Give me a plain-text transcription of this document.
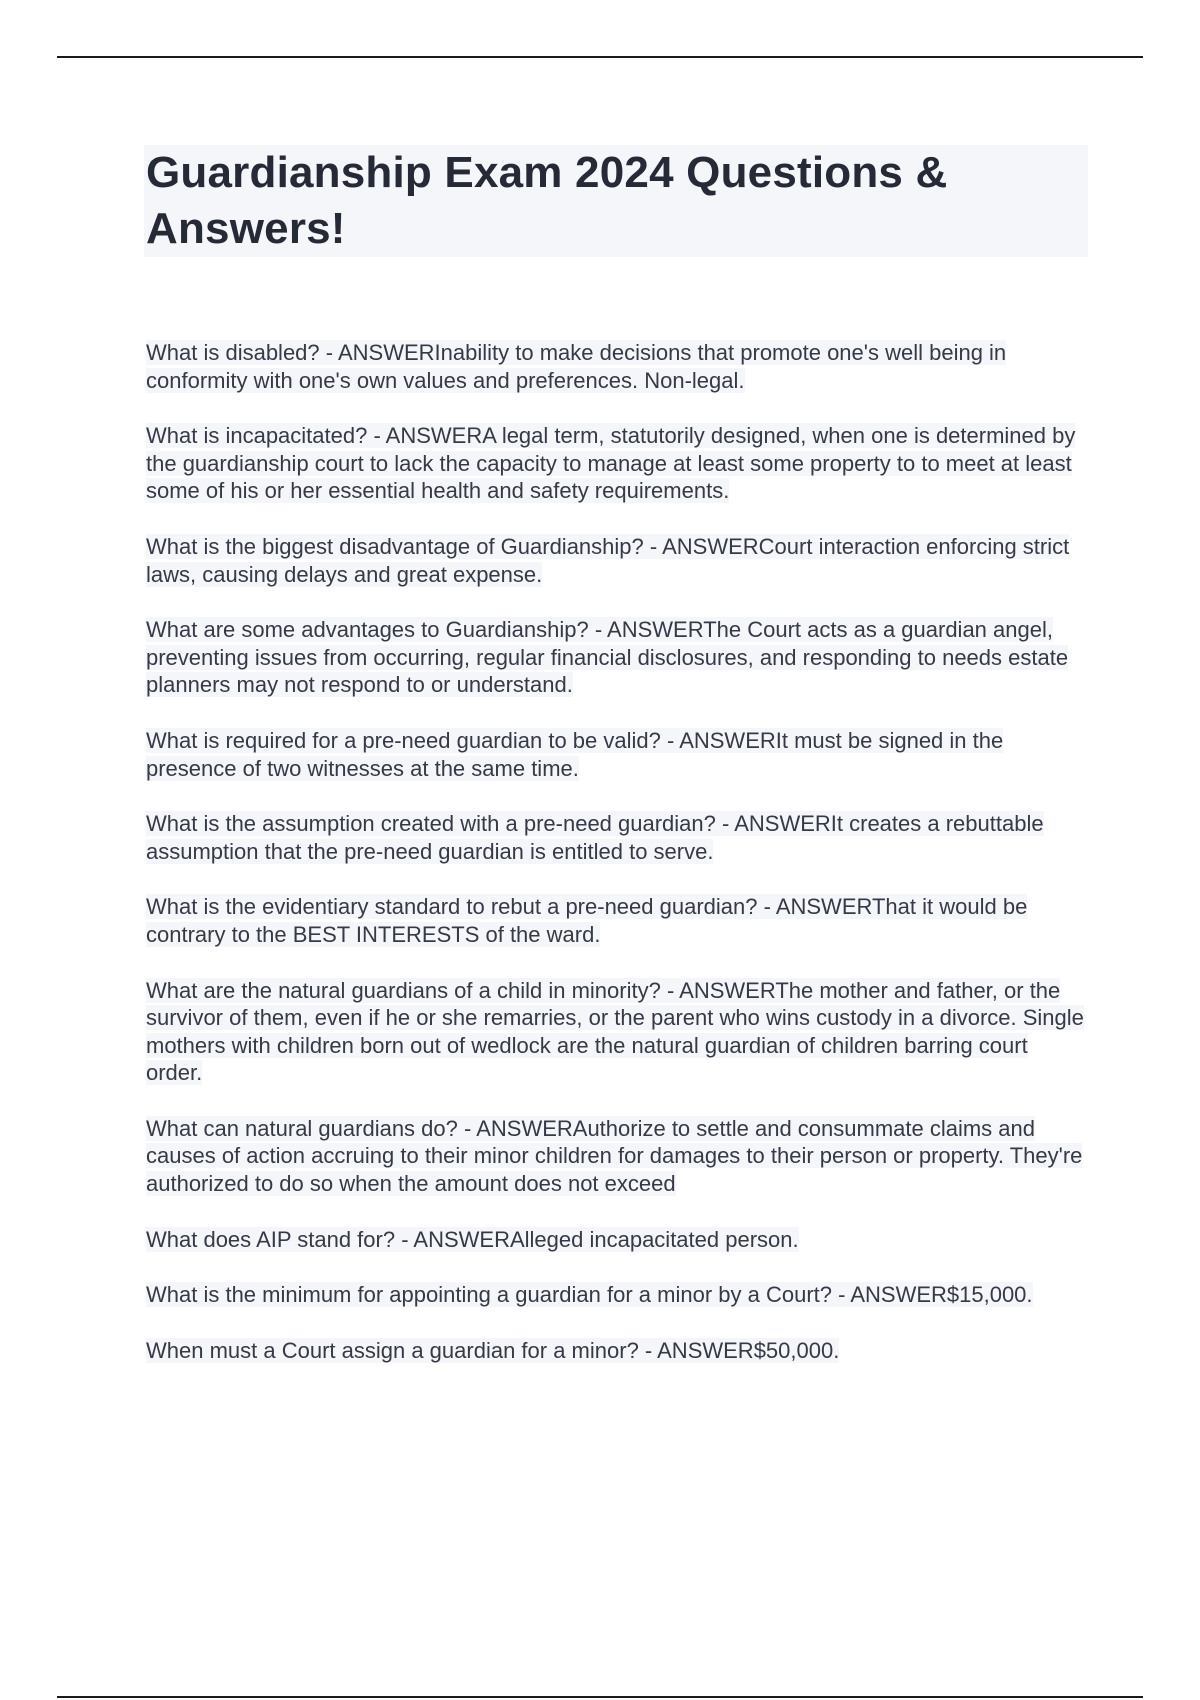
Guardianship Exam 2024 Questions & Answers!
What is disabled? - ANSWERInability to make decisions that promote one's well being in conformity with one's own values and preferences. Non-legal.
What is incapacitated? - ANSWERA legal term, statutorily designed, when one is determined by the guardianship court to lack the capacity to manage at least some property to to meet at least some of his or her essential health and safety requirements.
What is the biggest disadvantage of Guardianship? - ANSWERCourt interaction enforcing strict laws, causing delays and great expense.
What are some advantages to Guardianship? - ANSWERThe Court acts as a guardian angel, preventing issues from occurring, regular financial disclosures, and responding to needs estate planners may not respond to or understand.
What is required for a pre-need guardian to be valid? - ANSWERIt must be signed in the presence of two witnesses at the same time.
What is the assumption created with a pre-need guardian? - ANSWERIt creates a rebuttable assumption that the pre-need guardian is entitled to serve.
What is the evidentiary standard to rebut a pre-need guardian? - ANSWERThat it would be contrary to the BEST INTERESTS of the ward.
What are the natural guardians of a child in minority? - ANSWERThe mother and father, or the survivor of them, even if he or she remarries, or the parent who wins custody in a divorce. Single mothers with children born out of wedlock are the natural guardian of children barring court order.
What can natural guardians do? - ANSWERAuthorize to settle and consummate claims and causes of action accruing to their minor children for damages to their person or property. They're authorized to do so when the amount does not exceed
What does AIP stand for? - ANSWERAlleged incapacitated person.
What is the minimum for appointing a guardian for a minor by a Court? - ANSWER$15,000.
When must a Court assign a guardian for a minor? - ANSWER$50,000.
